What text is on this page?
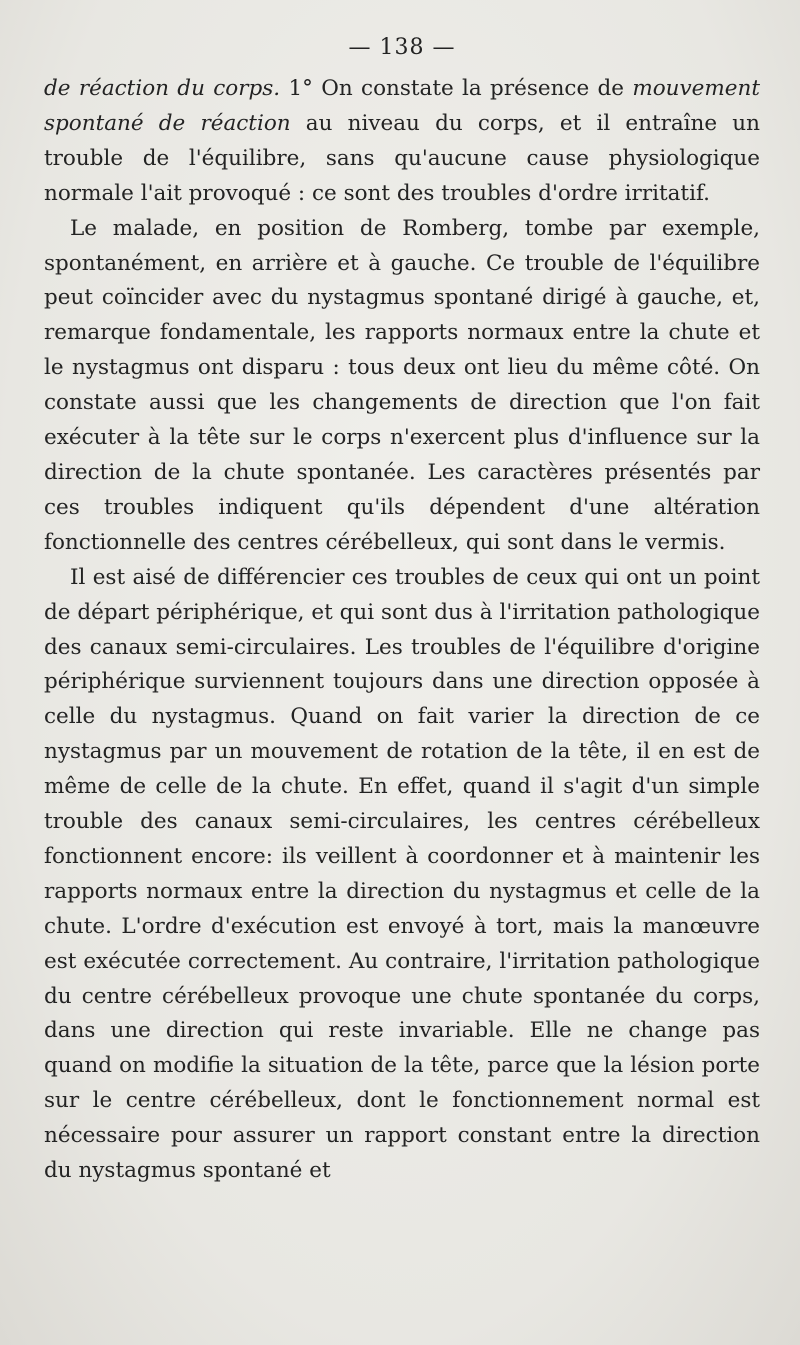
— 138 —

de réaction du corps. 1° On constate la présence de mouvement spontané de réaction au niveau du corps, et il entraîne un trouble de l'équilibre, sans qu'aucune cause physiologique normale l'ait provoqué : ce sont des troubles d'ordre irritatif.

Le malade, en position de Romberg, tombe par exemple, spontanément, en arrière et à gauche. Ce trouble de l'équilibre peut coïncider avec du nystagmus spontané dirigé à gauche, et, remarque fondamentale, les rapports normaux entre la chute et le nystagmus ont disparu : tous deux ont lieu du même côté. On constate aussi que les changements de direction que l'on fait exécuter à la tête sur le corps n'exercent plus d'influence sur la direction de la chute spontanée. Les caractères présentés par ces troubles indiquent qu'ils dépendent d'une altération fonctionnelle des centres cérébelleux, qui sont dans le vermis.

Il est aisé de différencier ces troubles de ceux qui ont un point de départ périphérique, et qui sont dus à l'irritation pathologique des canaux semi-circulaires. Les troubles de l'équilibre d'origine périphérique surviennent toujours dans une direction opposée à celle du nystagmus. Quand on fait varier la direction de ce nystagmus par un mouvement de rotation de la tête, il en est de même de celle de la chute. En effet, quand il s'agit d'un simple trouble des canaux semi-circulaires, les centres cérébelleux fonctionnent encore: ils veillent à coordonner et à maintenir les rapports normaux entre la direction du nystagmus et celle de la chute. L'ordre d'exécution est envoyé à tort, mais la manœuvre est exécutée correctement. Au contraire, l'irritation pathologique du centre cérébelleux provoque une chute spontanée du corps, dans une direction qui reste invariable. Elle ne change pas quand on modifie la situation de la tête, parce que la lésion porte sur le centre cérébelleux, dont le fonctionnement normal est nécessaire pour assurer un rapport constant entre la direction du nystagmus spontané et
